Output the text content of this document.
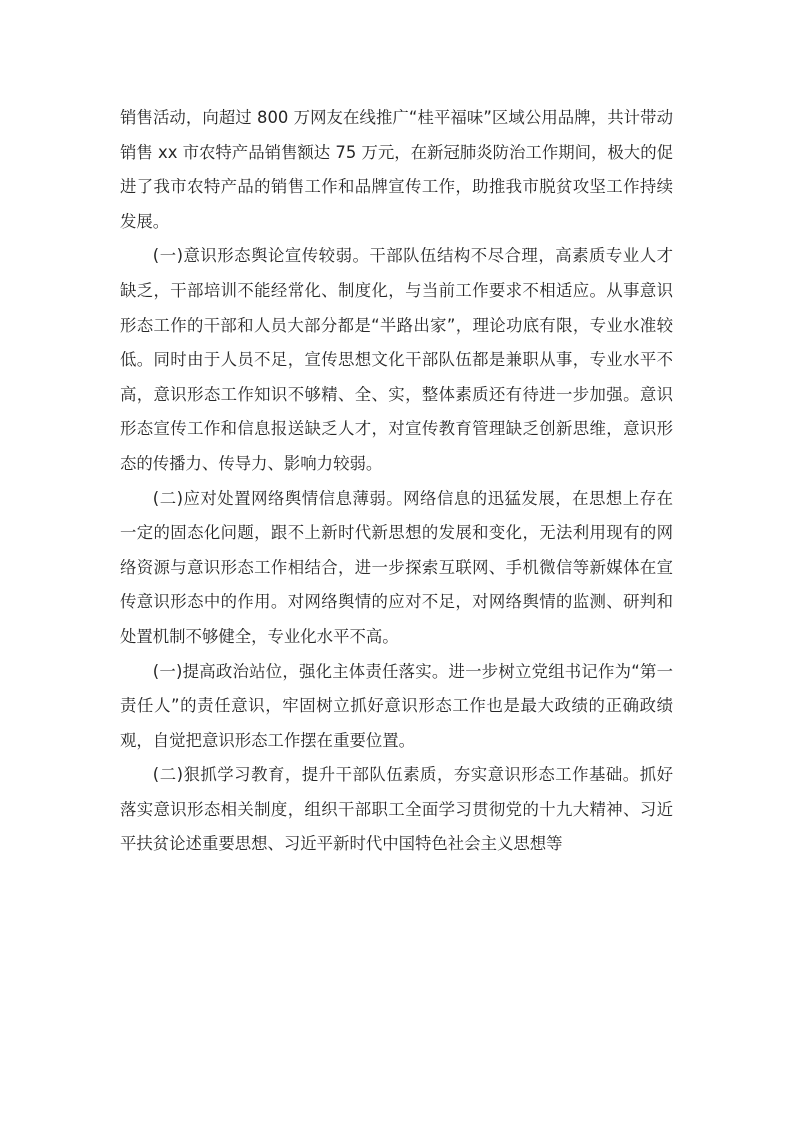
销售活动，向超过 800 万网友在线推广“桂平福味”区域公用品牌，共计带动销售 xx 市农特产品销售额达 75 万元，在新冠肺炎防治工作期间，极大的促进了我市农特产品的销售工作和品牌宣传工作，助推我市脱贫攻坚工作持续发展。

(一)意识形态舆论宣传较弱。干部队伍结构不尽合理，高素质专业人才缺乏，干部培训不能经常化、制度化，与当前工作要求不相适应。从事意识形态工作的干部和人员大部分都是“半路出家”，理论功底有限，专业水准较低。同时由于人员不足，宣传思想文化干部队伍都是兼职从事，专业水平不高，意识形态工作知识不够精、全、实，整体素质还有待进一步加强。意识形态宣传工作和信息报送缺乏人才，对宣传教育管理缺乏创新思维，意识形态的传播力、传导力、影响力较弱。

(二)应对处置网络舆情信息薄弱。网络信息的迅猛发展，在思想上存在一定的固态化问题，跟不上新时代新思想的发展和变化，无法利用现有的网络资源与意识形态工作相结合，进一步探索互联网、手机微信等新媒体在宣传意识形态中的作用。对网络舆情的应对不足，对网络舆情的监测、研判和处置机制不够健全，专业化水平不高。

(一)提高政治站位，强化主体责任落实。进一步树立党组书记作为“第一责任人”的责任意识，牢固树立抓好意识形态工作也是最大政绩的正确政绩观，自觉把意识形态工作摆在重要位置。

(二)狠抓学习教育，提升干部队伍素质，夯实意识形态工作基础。抓好落实意识形态相关制度，组织干部职工全面学习贯彻党的十九大精神、习近平扶贫论述重要思想、习近平新时代中国特色社会主义思想等
